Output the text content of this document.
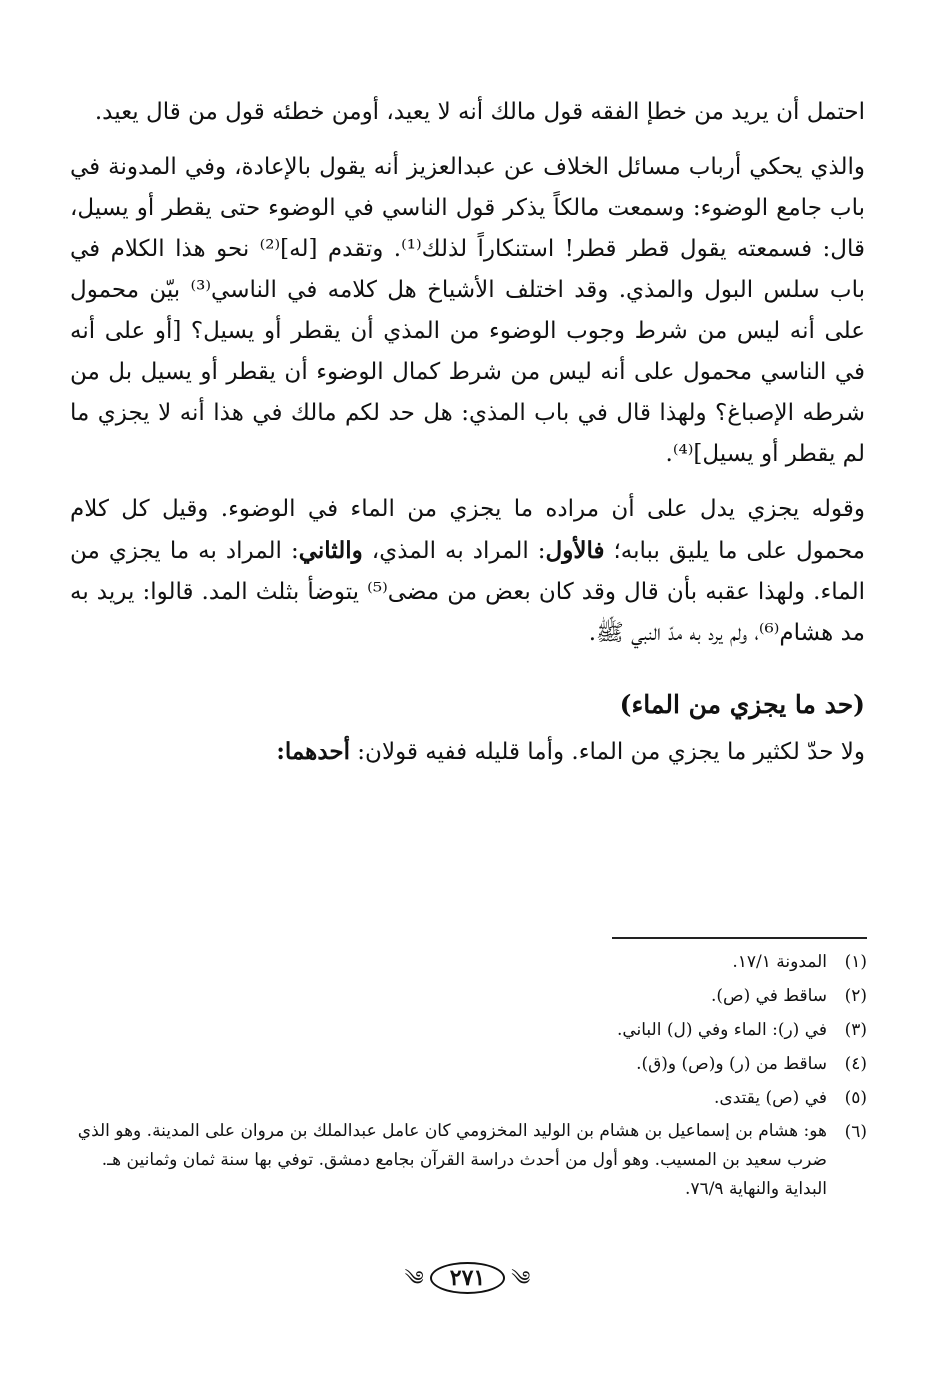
احتمل أن يريد من خطإ الفقه قول مالك أنه لا يعيد، أومن خطئه قول من قال يعيد.

والذي يحكي أرباب مسائل الخلاف عن عبدالعزيز أنه يقول بالإعادة، وفي المدونة في باب جامع الوضوء: وسمعت مالكاً يذكر قول الناسي في الوضوء حتى يقطر أو يسيل، قال: فسمعته يقول قطر قطر! استنكاراً لذلك⁽¹⁾. وتقدم [له]⁽²⁾ نحو هذا الكلام في باب سلس البول والمذي. وقد اختلف الأشياخ هل كلامه في الناسي⁽³⁾ بيّن محمول على أنه ليس من شرط وجوب الوضوء من المذي أن يقطر أو يسيل؟ [أو على أنه في الناسي محمول على أنه ليس من شرط كمال الوضوء أن يقطر أو يسيل بل من شرطه الإصباغ؟ ولهذا قال في باب المذي: هل حد لكم مالك في هذا أنه لا يجزي ما لم يقطر أو يسيل]⁽⁴⁾.

وقوله يجزي يدل على أن مراده ما يجزي من الماء في الوضوء. وقيل كل كلام محمول على ما يليق ببابه؛ فالأول: المراد به المذي، والثاني: المراد به ما يجزي من الماء. ولهذا عقبه بأن قال وقد كان بعض من مضى⁽⁵⁾ يتوضأ بثلث المد. قالوا: يريد به مد هشام⁽⁶⁾، ولم يرد به مدّ النبي ﷺ.

(حد ما يجزي من الماء)

ولا حدّ لكثير ما يجزي من الماء. وأما قليله ففيه قولان: أحدهما:

(١)
المدونة ١٧/١.
(٢)
ساقط في (ص).
(٣)
في (ر): الماء وفي (ل) الباني.
(٤)
ساقط من (ر) و(ص) و(ق).
(٥)
في (ص) يقتدى.
(٦)
هو: هشام بن إسماعيل بن هشام بن الوليد المخزومي كان عامل عبدالملك بن مروان على المدينة. وهو الذي ضرب سعيد بن المسيب. وهو أول من أحدث دراسة القرآن بجامع دمشق. توفي بها سنة ثمان وثمانين هـ. البداية والنهاية ٧٦/٩.
༄	٢٧١	༄
